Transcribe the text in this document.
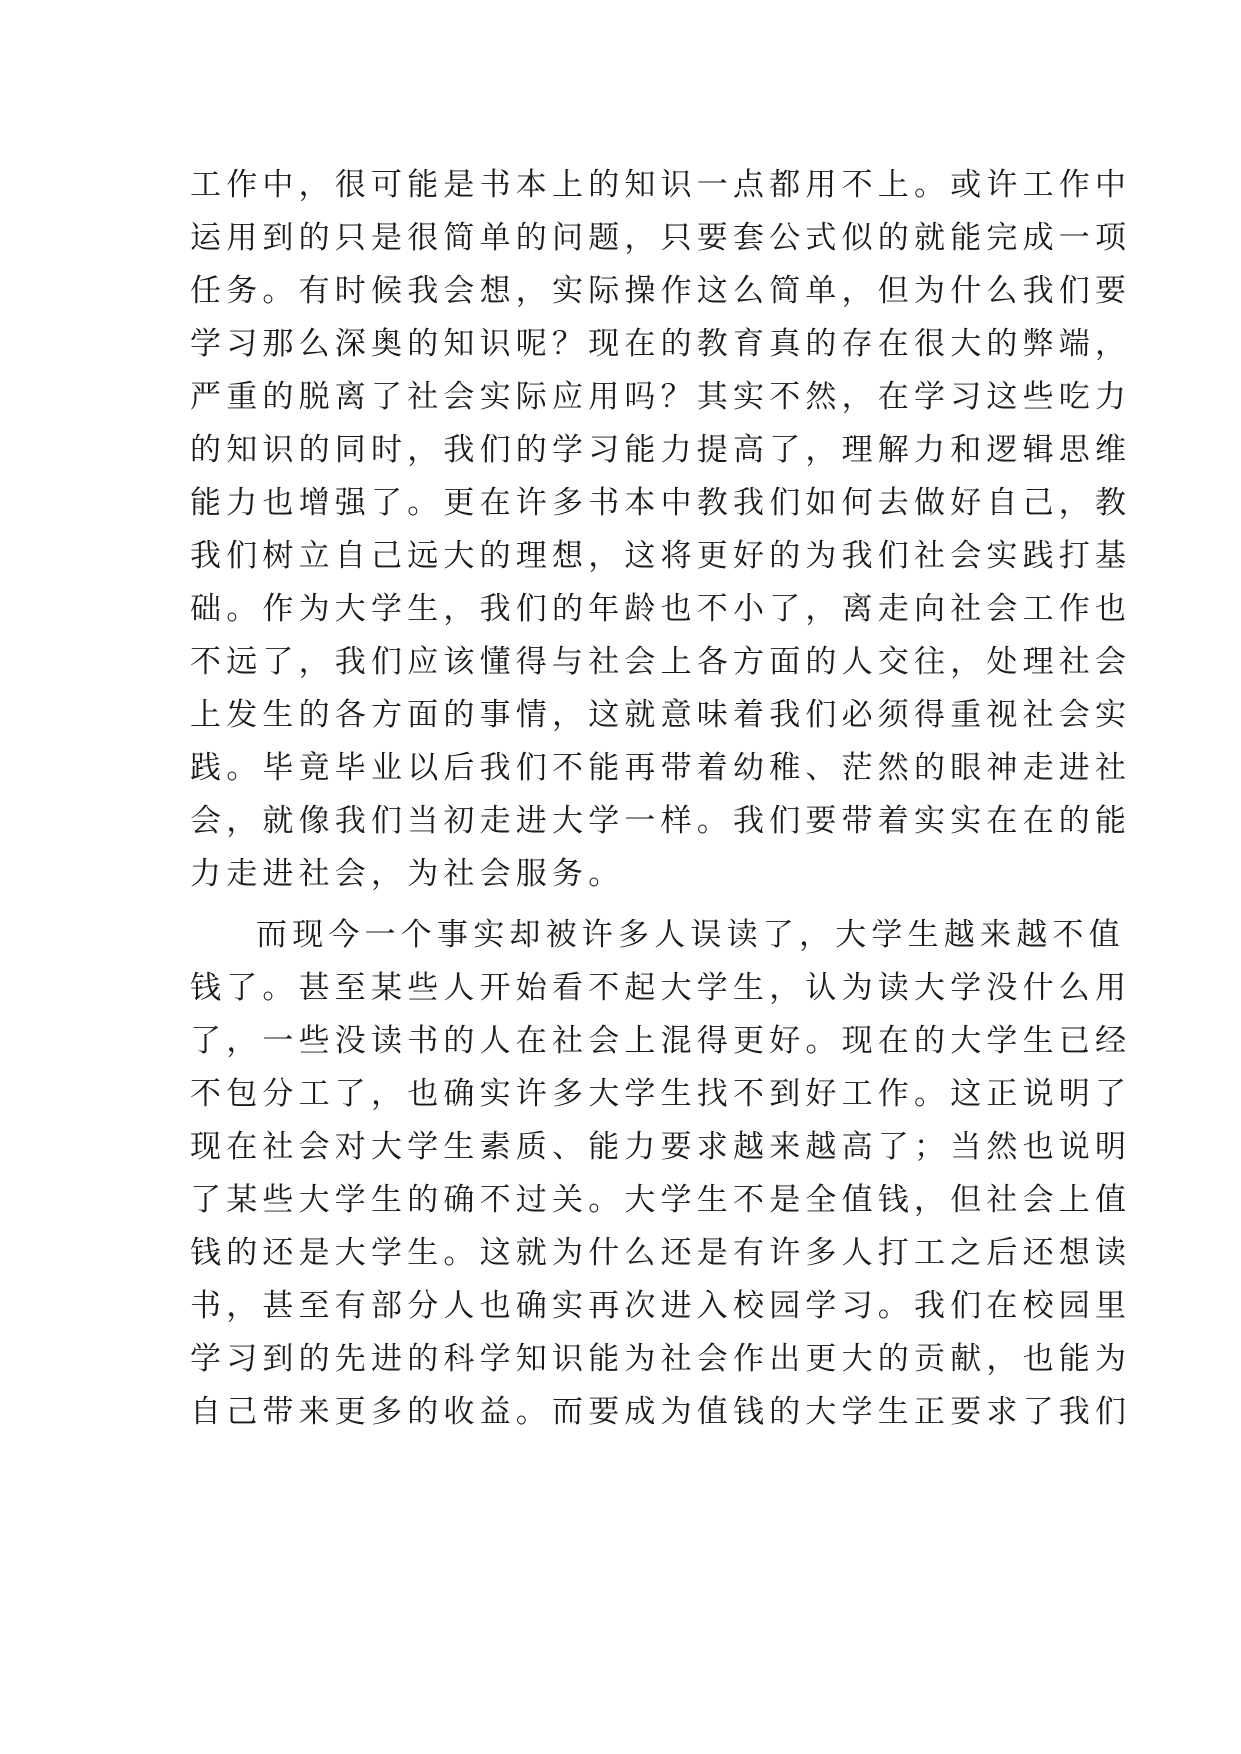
工作中，很可能是书本上的知识一点都用不上。或许工作中
运用到的只是很简单的问题，只要套公式似的就能完成一项
任务。有时候我会想，实际操作这么简单，但为什么我们要
学习那么深奥的知识呢？现在的教育真的存在很大的弊端，
严重的脱离了社会实际应用吗？其实不然，在学习这些吃力
的知识的同时，我们的学习能力提高了，理解力和逻辑思维
能力也增强了。更在许多书本中教我们如何去做好自己，教
我们树立自己远大的理想，这将更好的为我们社会实践打基
础。作为大学生，我们的年龄也不小了，离走向社会工作也
不远了，我们应该懂得与社会上各方面的人交往，处理社会
上发生的各方面的事情，这就意味着我们必须得重视社会实
践。毕竟毕业以后我们不能再带着幼稚、茫然的眼神走进社
会，就像我们当初走进大学一样。我们要带着实实在在的能
力走进社会，为社会服务。
而现今一个事实却被许多人误读了，大学生越来越不值
钱了。甚至某些人开始看不起大学生，认为读大学没什么用
了，一些没读书的人在社会上混得更好。现在的大学生已经
不包分工了，也确实许多大学生找不到好工作。这正说明了
现在社会对大学生素质、能力要求越来越高了；当然也说明
了某些大学生的确不过关。大学生不是全值钱，但社会上值
钱的还是大学生。这就为什么还是有许多人打工之后还想读
书，甚至有部分人也确实再次进入校园学习。我们在校园里
学习到的先进的科学知识能为社会作出更大的贡献，也能为
自己带来更多的收益。而要成为值钱的大学生正要求了我们
